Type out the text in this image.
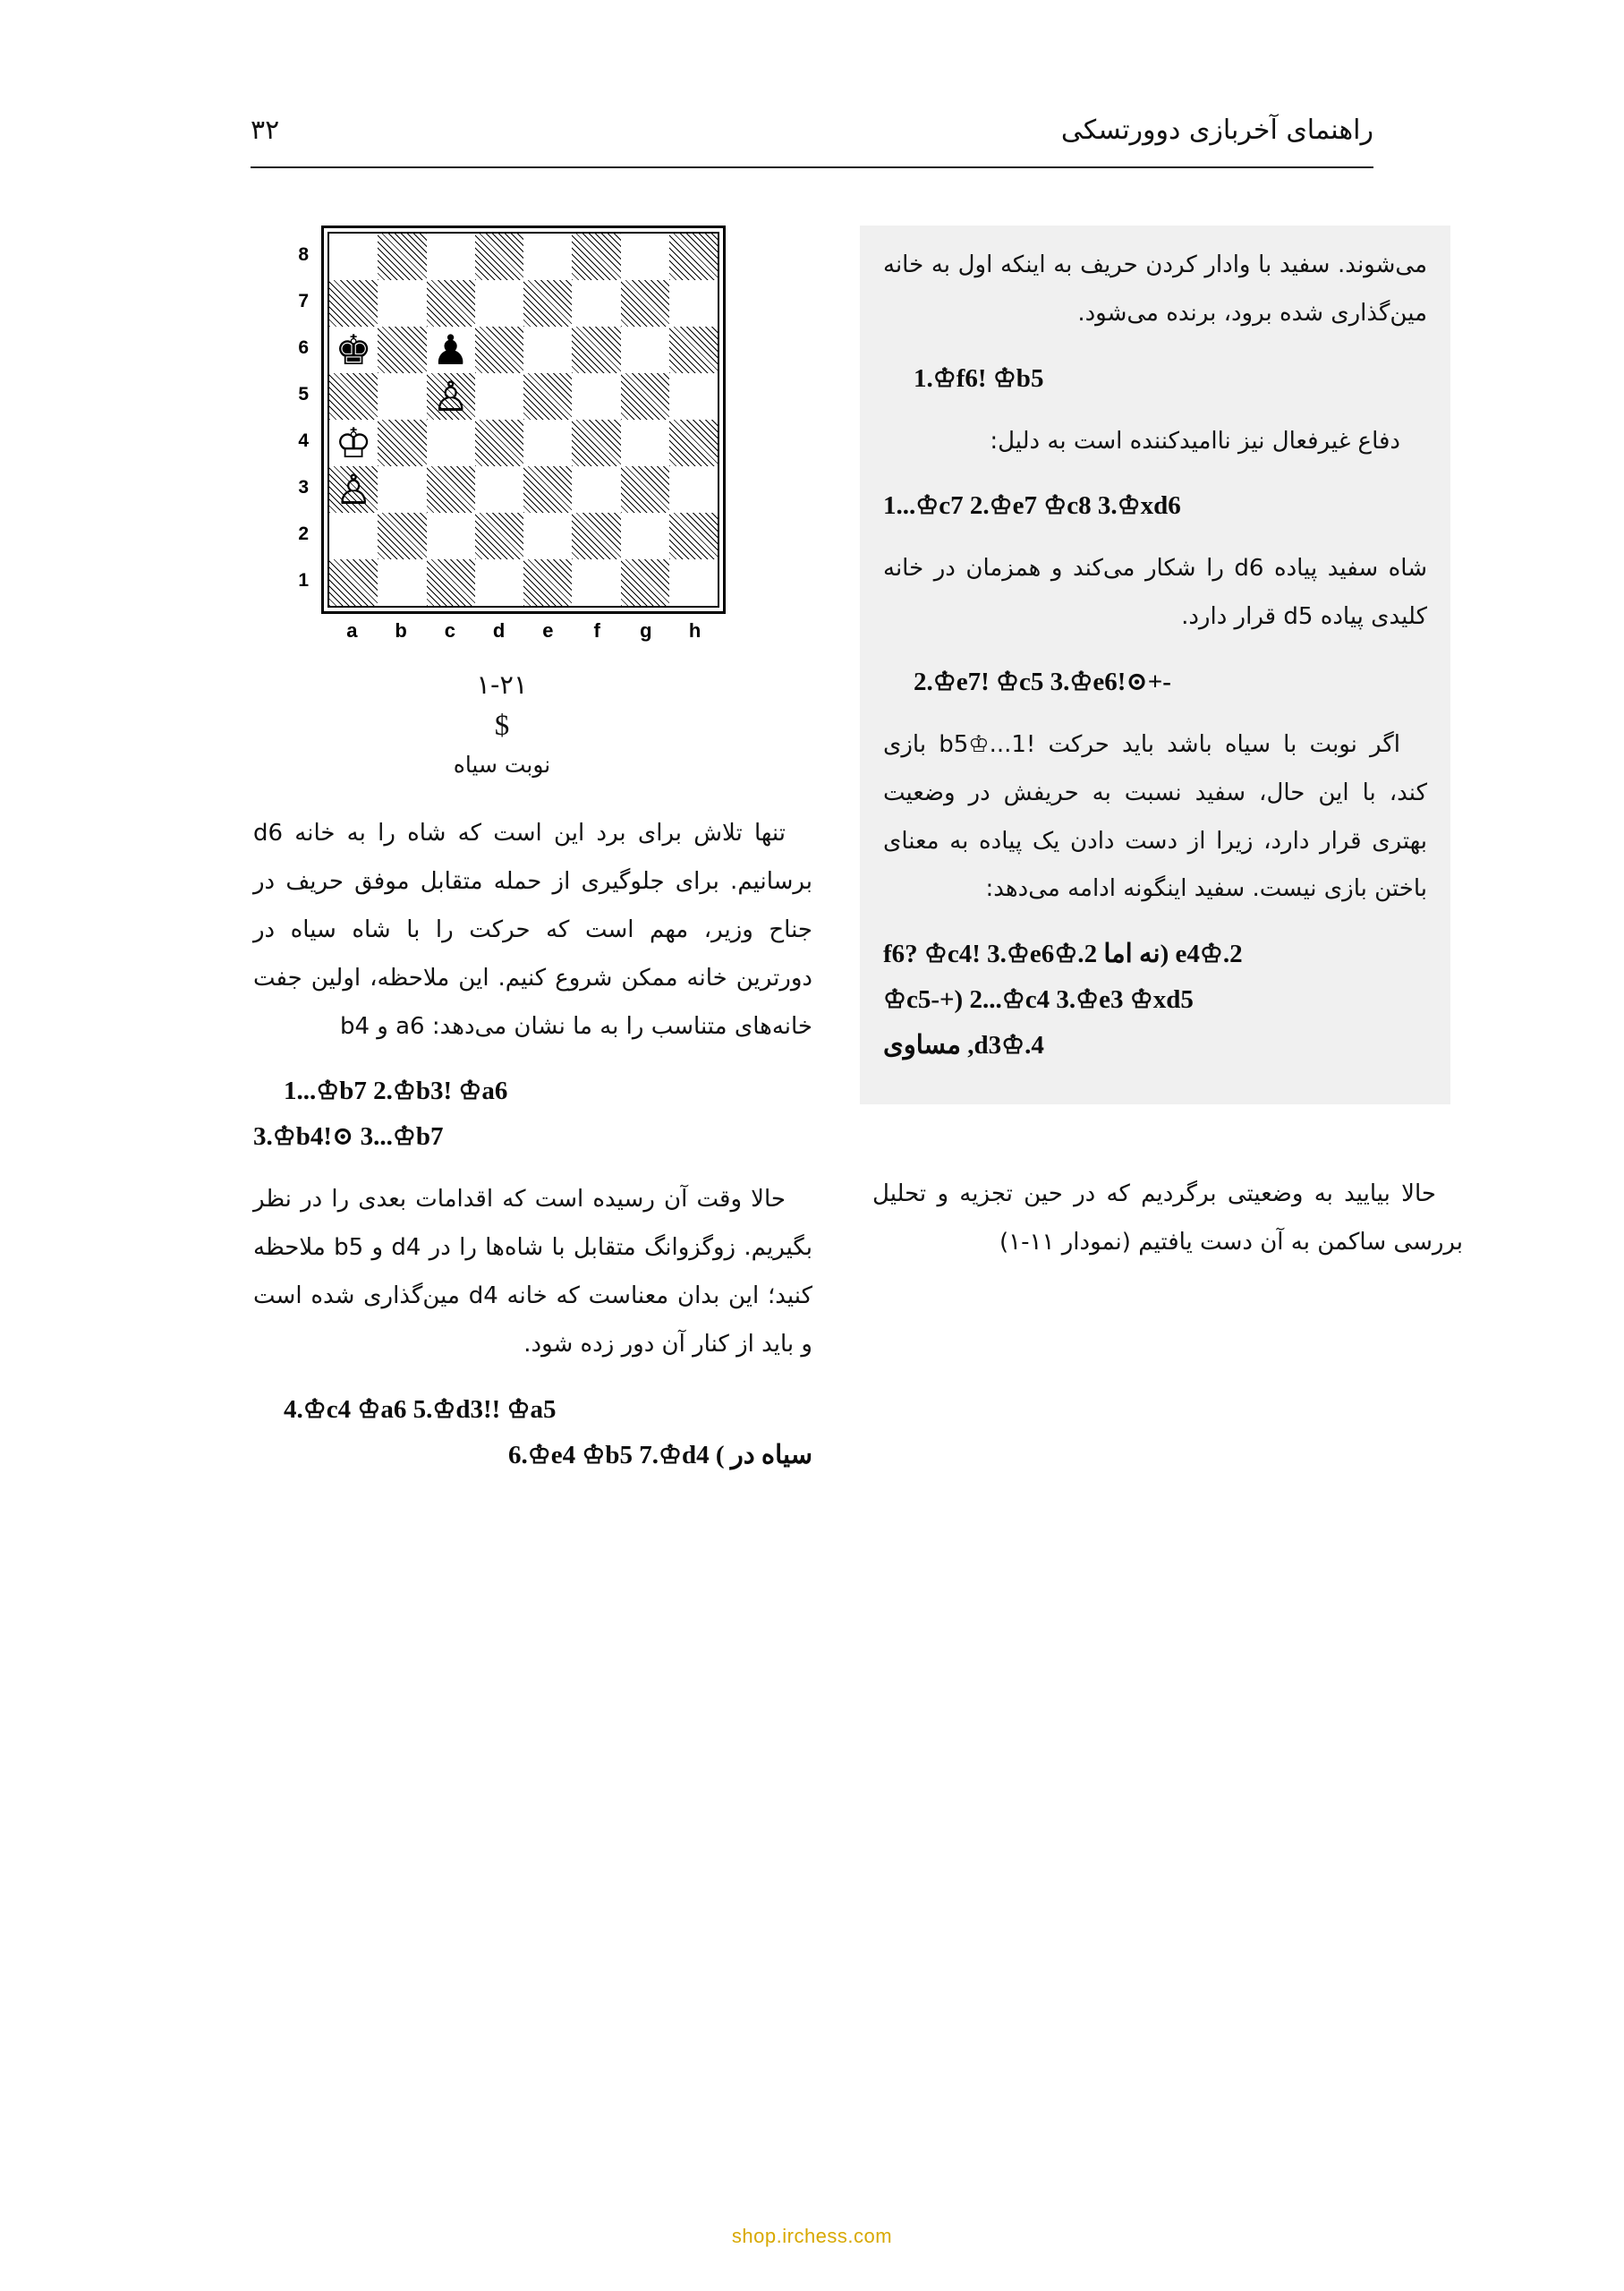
راهنمای آخربازی دوورتسکی
۳۲
8
7
6
5
4
3
2
1

♚

♟

♙

♔

♙

a	b	c	d	e	f	g	h
۱-۲۱
$
نوبت سیاه

تنها تلاش برای برد این است که شاه را به خانه d6 برسانیم. برای جلوگیری از حمله متقابل موفق حریف در جناح وزیر، مهم است که حرکت را با شاه سیاه در دورترین خانه ممکن شروع کنیم. این ملاحظه، اولین جفت خانه‌های متناسب را به ما نشان می‌دهد: a6 و b4

1...♔b7 2.♔b3! ♔a6

3.♔b4!⊙ 3...♔b7

حالا وقت آن رسیده است که اقدامات بعدی را در نظر بگیریم. زوگزوانگ متقابل با شاه‌ها را در d4 و b5 ملاحظه کنید؛ این بدان معناست که خانه d4 مین‌گذاری شده است و باید از کنار آن دور زده شود.

4.♔c4 ♔a6 5.♔d3!! ♔a5

سیاه در ) 6.♔e4 ♔b5 7.♔d4

می‌شوند. سفید با وادار کردن حریف به اینکه اول به خانه مین‌گذاری شده برود، برنده می‌شود.

1.♔f6! ♔b5

دفاع غیرفعال نیز ناامیدکننده است به دلیل:

1...♔c7 2.♔e7 ♔c8 3.♔xd6

شاه سفید پیاده d6 را شکار می‌کند و همزمان در خانه کلیدی پیاده d5 قرار دارد.

2.♔e7! ♔c5 3.♔e6!⊙+-

اگر نوبت با سیاه باشد باید حرکت !1...♔b5 بازی کند، با این حال، سفید نسبت به حریفش در وضعیت بهتری قرار دارد، زیرا از دست دادن یک پیاده به معنای باختن بازی نیست. سفید اینگونه ادامه می‌دهد:

2.♔e4 (نه اما 2.♔f6? ♔c4! 3.♔e6

♔c5-+) 2...♔c4 3.♔e3 ♔xd5

4.♔d3, مساوی

حالا بیایید به وضعیتی برگردیم که در حین تجزیه و تحلیل بررسی ساکمن به آن دست یافتیم (نمودار ۱۱-۱)

shop.irchess.com
